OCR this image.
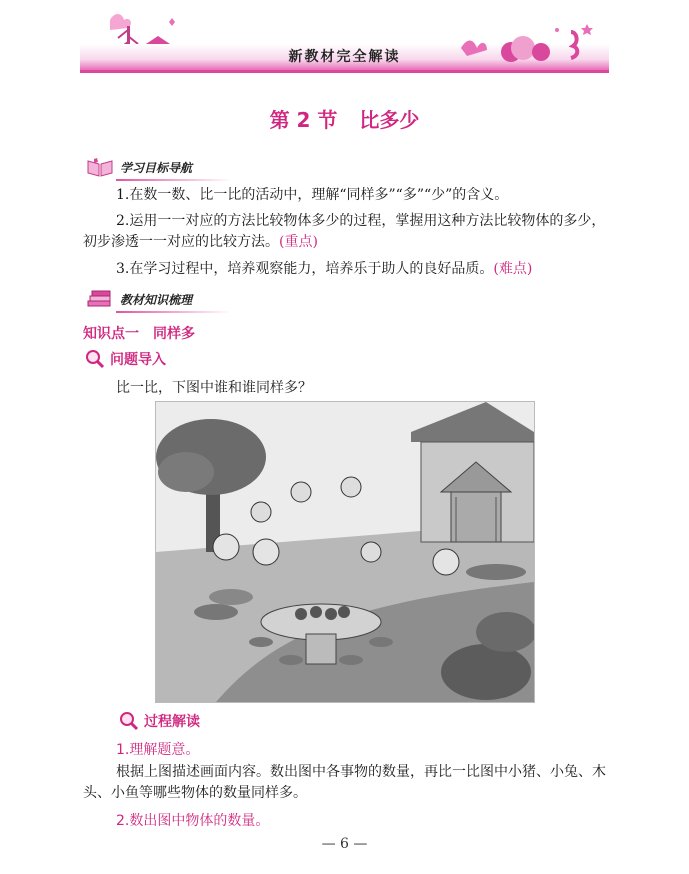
新教材完全解读
第 2 节 比多少
学习目标导航
1.在数一数、比一比的活动中，理解“同样多”“多”“少”的含义。
2.运用一一对应的方法比较物体多少的过程，掌握用这种方法比较物体的多少，初步渗透一一对应的比较方法。(重点)
3.在学习过程中，培养观察能力，培养乐于助人的良好品质。(难点)
教材知识梳理
知识点一 同样多
问题导入
比一比，下图中谁和谁同样多？
过程解读
1.理解题意。
根据上图描述画面内容。数出图中各事物的数量，再比一比图中小猪、小兔、木头、小鱼等哪些物体的数量同样多。
2.数出图中物体的数量。
— 6 —
